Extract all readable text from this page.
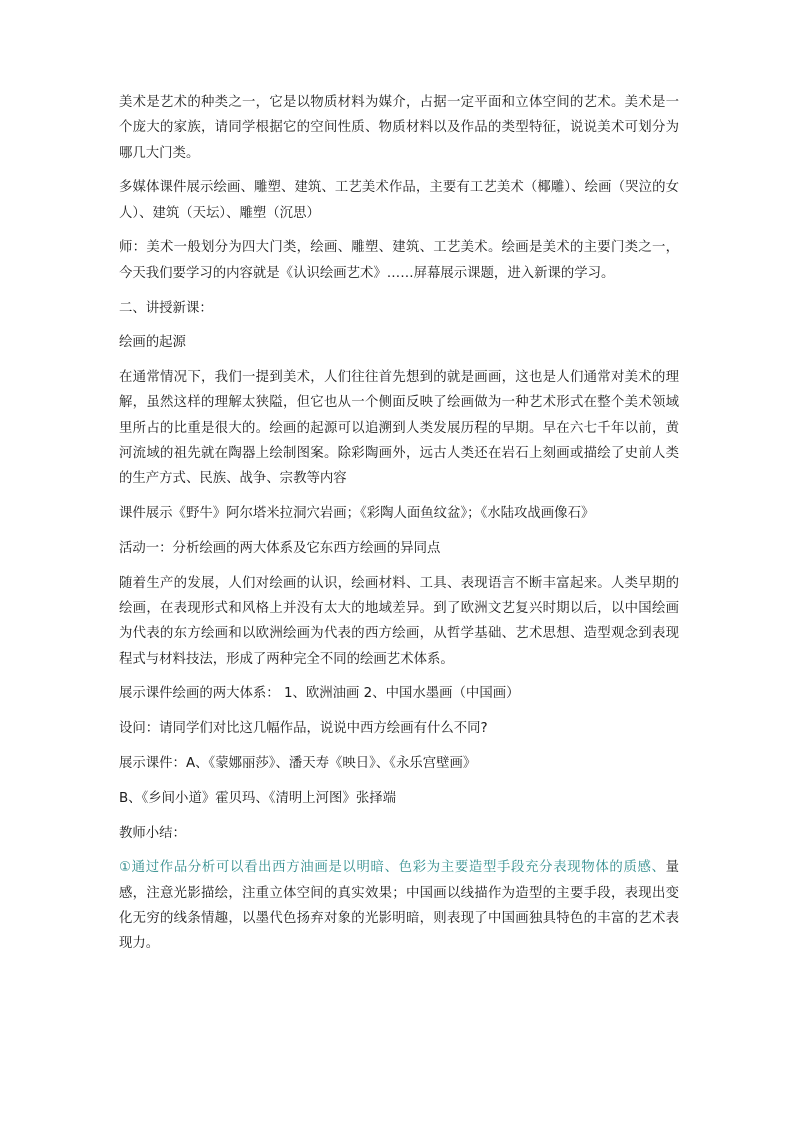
美术是艺术的种类之一，它是以物质材料为媒介，占据一定平面和立体空间的艺术。美术是一个庞大的家族，请同学根据它的空间性质、物质材料以及作品的类型特征，说说美术可划分为哪几大门类。

多媒体课件展示绘画、雕塑、建筑、工艺美术作品，主要有工艺美术（椰雕）、绘画（哭泣的女人）、建筑（天坛）、雕塑（沉思）

师：美术一般划分为四大门类，绘画、雕塑、建筑、工艺美术。绘画是美术的主要门类之一，今天我们要学习的内容就是《认识绘画艺术》……屏幕展示课题，进入新课的学习。

二、讲授新课：

绘画的起源

在通常情况下，我们一提到美术，人们往往首先想到的就是画画，这也是人们通常对美术的理解，虽然这样的理解太狭隘，但它也从一个侧面反映了绘画做为一种艺术形式在整个美术领域里所占的比重是很大的。绘画的起源可以追溯到人类发展历程的早期。早在六七千年以前，黄河流域的祖先就在陶器上绘制图案。除彩陶画外，远古人类还在岩石上刻画或描绘了史前人类的生产方式、民族、战争、宗教等内容

课件展示《野牛》阿尔塔米拉洞穴岩画；《彩陶人面鱼纹盆》；《水陆攻战画像石》

活动一：分析绘画的两大体系及它东西方绘画的异同点

随着生产的发展，人们对绘画的认识，绘画材料、工具、表现语言不断丰富起来。人类早期的绘画，在表现形式和风格上并没有太大的地域差异。到了欧洲文艺复兴时期以后，以中国绘画为代表的东方绘画和以欧洲绘画为代表的西方绘画，从哲学基础、艺术思想、造型观念到表现程式与材料技法，形成了两种完全不同的绘画艺术体系。

展示课件绘画的两大体系： 1、欧洲油画 2、中国水墨画（中国画）

设问：请同学们对比这几幅作品，说说中西方绘画有什么不同?

展示课件：A、《蒙娜丽莎》、潘天寿《映日》、《永乐宫壁画》

B、《乡间小道》霍贝玛、《清明上河图》张择端

教师小结：

①通过作品分析可以看出西方油画是以明暗、色彩为主要造型手段充分表现物体的质感、量感，注意光影描绘，注重立体空间的真实效果；中国画以线描作为造型的主要手段，表现出变化无穷的线条情趣，以墨代色扬弃对象的光影明暗，则表现了中国画独具特色的丰富的艺术表现力。
